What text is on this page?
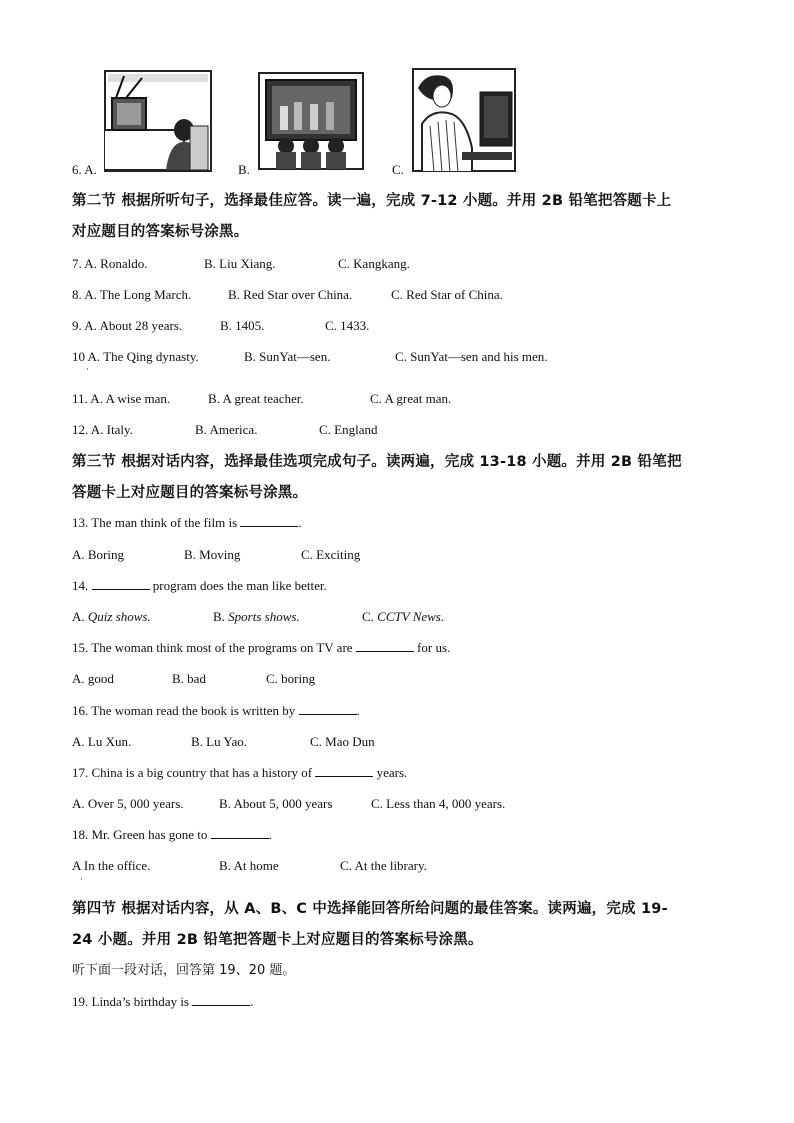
6. A.	B.	C.
第二节 根据所听句子，选择最佳应答。读一遍，完成 7-12 小题。并用 2B 铅笔把答题卡上
对应题目的答案标号涂黑。
7. A. Ronaldo.	B. Liu Xiang.	C. Kangkang.
8. A. The Long March.	B. Red Star over China.	C. Red Star of China.
9. A. About 28 years.	B. 1405.	C. 1433.
10 A. The Qing dynasty.	B. SunYat—sen.	C. SunYat—sen and his men.
·
11. A. A wise man.	B. A great teacher.	C. A great man.
12. A. Italy.	B. America.	C. England
第三节 根据对话内容，选择最佳选项完成句子。读两遍，完成 13-18 小题。并用 2B 铅笔把
答题卡上对应题目的答案标号涂黑。
13. The man think of the film is	.
A. Boring	B. Moving	C. Exciting
14.	program does the man like better.
A. Quiz shows.	B. Sports shows.	C. CCTV News.
15. The woman think most of the programs on TV are	for us.
A. good	B. bad	C. boring
16. The woman read the book is written by	.
A. Lu Xun.	B. Lu Yao.	C. Mao Dun
17. China is a big country that has a history of	years.
A. Over 5, 000 years.	B. About 5, 000 years	C. Less than 4, 000 years.
18. Mr. Green has gone to	.
A In the office.	B. At home	C. At the library.
·
第四节 根据对话内容，从 A、B、C 中选择能回答所给问题的最佳答案。读两遍，完成 19-
24 小题。并用 2B 铅笔把答题卡上对应题目的答案标号涂黑。
听下面一段对话，回答第 19、20 题。
19. Linda’s birthday is	.
